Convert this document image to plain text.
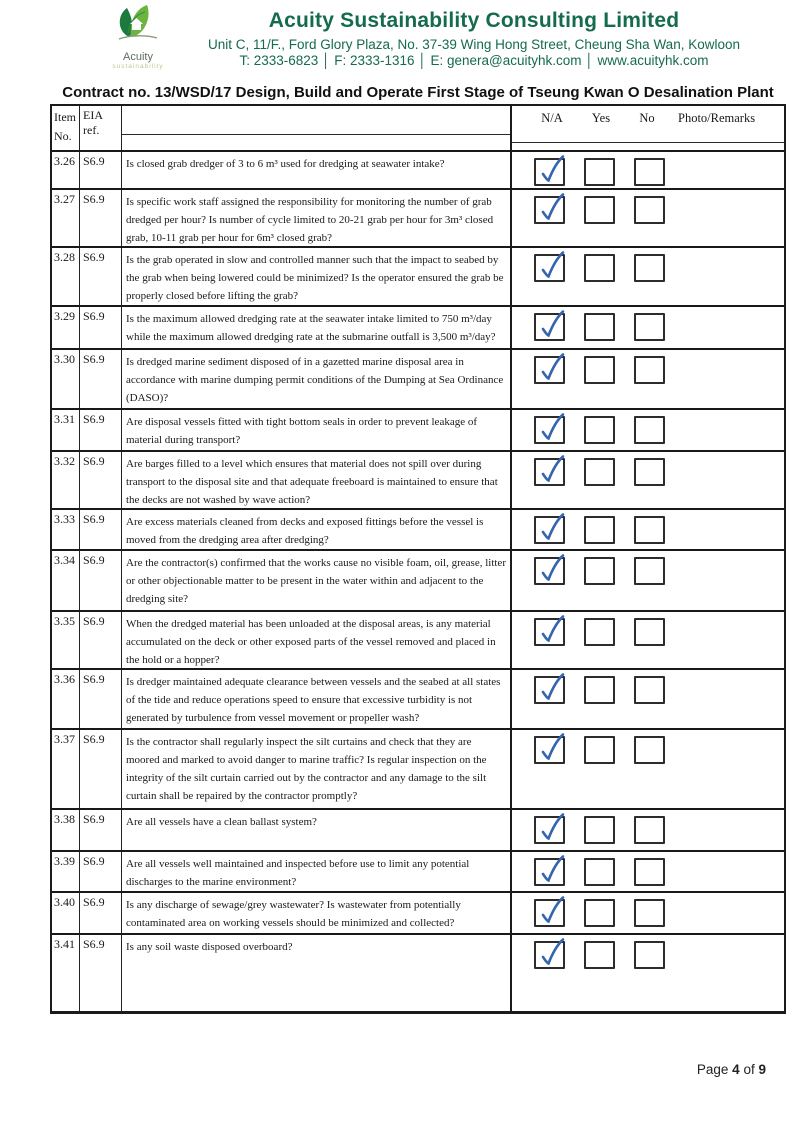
Acuity
sustainability
Acuity Sustainability Consulting Limited
Unit C, 11/F., Ford Glory Plaza, No. 37-39 Wing Hong Street, Cheung Sha Wan, Kowloon
T: 2333-6823 │ F: 2333-1316 │ E: genera@acuityhk.com │ www.acuityhk.com
Contract no. 13/WSD/17 Design, Build and Operate First Stage of Tseung Kwan O Desalination Plant
Item
No.
EIA ref.
N/A	Yes	No	Photo/Remarks
3.26 S6.9	Is closed grab dredger of 3 to 6 m³ used for dredging at seawater intake?
3.27 S6.9	Is specific work staff assigned the responsibility for monitoring the number of grab dredged per hour? Is number of cycle limited to 20-21 grab per hour for 3m³ closed grab, 10-11 grab per hour for 6m³ closed grab?
3.28 S6.9	Is the grab operated in slow and controlled manner such that the impact to seabed by the grab when being lowered could be minimized? Is the operator ensured the grab be properly closed before lifting the grab?
3.29 S6.9	Is the maximum allowed dredging rate at the seawater intake limited to 750 m³/day while the maximum allowed dredging rate at the submarine outfall is 3,500 m³/day?
3.30 S6.9	Is dredged marine sediment disposed of in a gazetted marine disposal area in accordance with marine dumping permit conditions of the Dumping at Sea Ordinance (DASO)?
3.31 S6.9	Are disposal vessels fitted with tight bottom seals in order to prevent leakage of material during transport?
3.32 S6.9	Are barges filled to a level which ensures that material does not spill over during transport to the disposal site and that adequate freeboard is maintained to ensure that the decks are not washed by wave action?
3.33 S6.9	Are excess materials cleaned from decks and exposed fittings before the vessel is moved from the dredging area after dredging?
3.34 S6.9	Are the contractor(s) confirmed that the works cause no visible foam, oil, grease, litter or other objectionable matter to be present in the water within and adjacent to the dredging site?
3.35 S6.9	When the dredged material has been unloaded at the disposal areas, is any material accumulated on the deck or other exposed parts of the vessel removed and placed in the hold or a hopper?
3.36 S6.9	Is dredger maintained adequate clearance between vessels and the seabed at all states of the tide and reduce operations speed to ensure that excessive turbidity is not generated by turbulence from vessel movement or propeller wash?
3.37 S6.9	Is the contractor shall regularly inspect the silt curtains and check that they are moored and marked to avoid danger to marine traffic? Is regular inspection on the integrity of the silt curtain carried out by the contractor and any damage to the silt curtain shall be repaired by the contractor promptly?
3.38 S6.9	Are all vessels have a clean ballast system?
3.39 S6.9	Are all vessels well maintained and inspected before use to limit any potential discharges to the marine environment?
3.40 S6.9	Is any discharge of sewage/grey wastewater? Is wastewater from potentially contaminated area on working vessels should be minimized and collected?
3.41 S6.9	Is any soil waste disposed overboard?
Page 4 of 9
